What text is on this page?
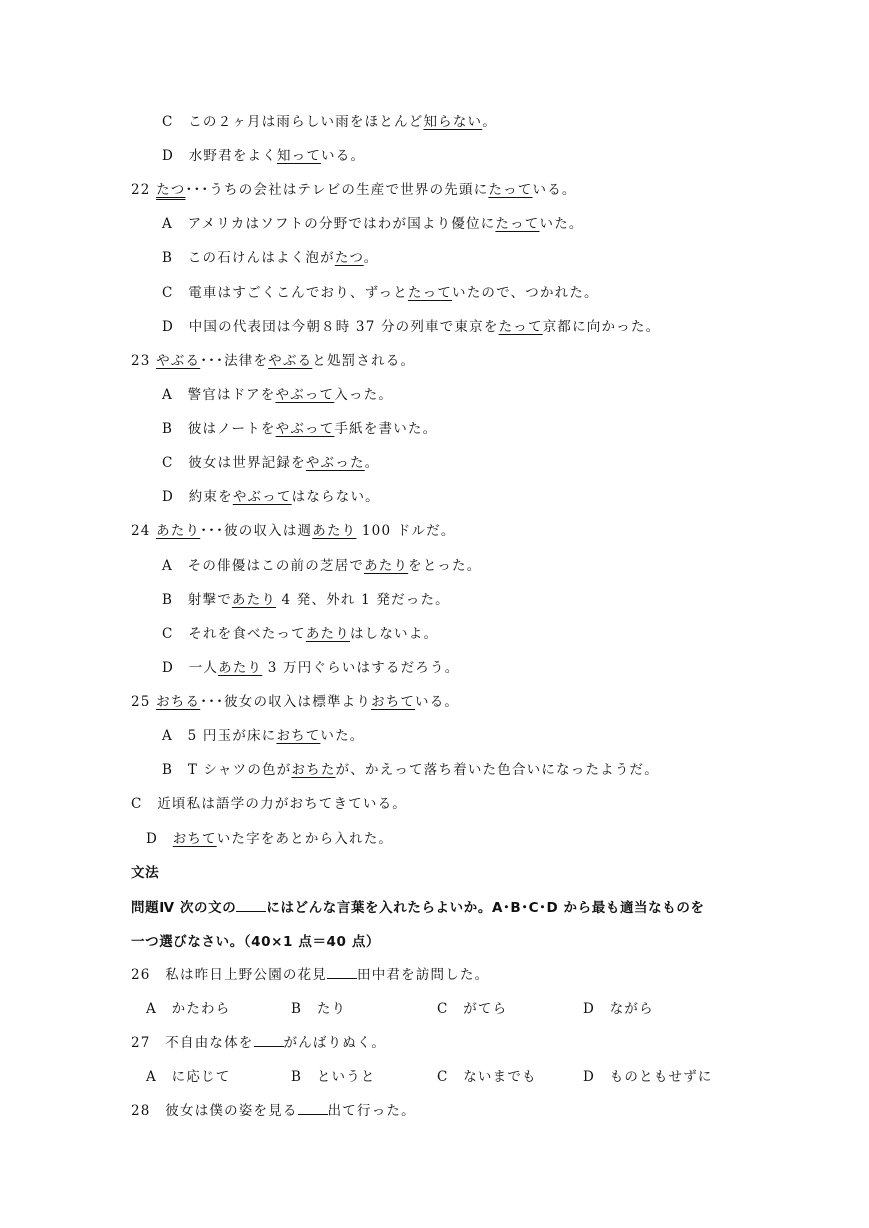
C　この２ヶ月は雨らしい雨をほとんど知らない。
D　水野君をよく知っている。
22 たつ･･･うちの会社はテレビの生産で世界の先頭にたっている。
A　アメリカはソフトの分野ではわが国より優位にたっていた。
B　この石けんはよく泡がたつ。
C　電車はすごくこんでおり、ずっとたっていたので、つかれた。
D　中国の代表団は今朝８時 37 分の列車で東京をたって京都に向かった。
23 やぶる･･･法律をやぶると処罰される。
A　警官はドアをやぶって入った。
B　彼はノートをやぶって手紙を書いた。
C　彼女は世界記録をやぶった。
D　約束をやぶってはならない。
24 あたり･･･彼の収入は週あたり 100 ドルだ。
A　その俳優はこの前の芝居であたりをとった。
B　射撃であたり 4 発、外れ 1 発だった。
C　それを食べたってあたりはしないよ。
D　一人あたり 3 万円ぐらいはするだろう。
25 おちる･･･彼女の収入は標準よりおちている。
A　5 円玉が床におちていた。
B　T シャツの色がおちたが、かえって落ち着いた色合いになったようだ。
C　近頃私は語学の力がおちてきている。
D　おちていた字をあとから入れた。
文法
問題Ⅳ 次の文の にはどんな言葉を入れたらよいか。A･B･C･D から最も適当なものを
一つ選びなさい。（40×1 点＝40 点）
26　 私は昨日上野公園の花見 田中君を訪問した。
A　かたわら	B　たり	C　がてら	D　ながら
27　 不自由な体を がんばりぬく。
A　に応じて	B　というと	C　ないまでも	D　ものともせずに
28　 彼女は僕の姿を見る 出て行った。
